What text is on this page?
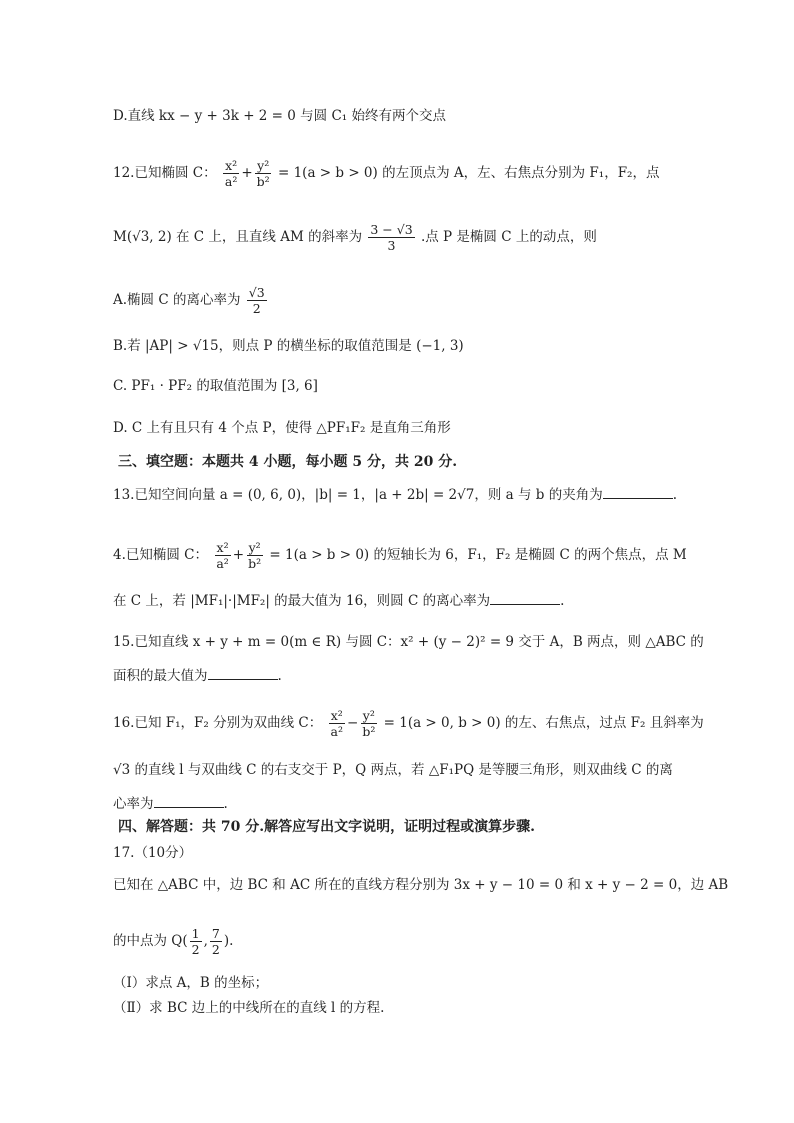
D.直线 kx − y + 3k + 2 = 0 与圆 C₁ 始终有两个交点
12.已知椭圆 C： $\frac{\text{x²}}{\text{a²}} + \frac{\text{y²}}{\text{b²}} = 1(a > b > 0)$ 的左顶点为 A，左、右焦点分别为 F₁，F₂，点
M(√3, 2) 在 C 上，且直线 AM 的斜率为 $\frac{3 - √3}{3}$ .点 P 是椭圆 C 上的动点，则
A.椭圆 C 的离心率为 $\frac{√3}{2}$
B.若 |AP| > √15，则点 P 的横坐标的取值范围是 (−1, 3)
C. PF₁ · PF₂ 的取值范围为 [3, 6]
D. C 上有且只有 4 个点 P，使得 △PF₁F₂ 是直角三角形
三、填空题：本题共 4 小题，每小题 5 分，共 20 分.
13.已知空间向量 a = (0, 6, 0)，|b| = 1，|a + 2b| = 2√7，则 a 与 b 的夹角为	.
4.已知椭圆 C： $\frac{\text{x²}}{\text{a²}} + \frac{\text{y²}}{\text{b²}} = 1(a > b > 0)$ 的短轴长为 6，F₁，F₂ 是椭圆 C 的两个焦点，点 M
在 C 上，若 |MF₁|·|MF₂| 的最大值为 16，则圆 C 的离心率为	.
15.已知直线 x + y + m = 0(m ∈ R) 与圆 C：x² + (y − 2)² = 9 交于 A，B 两点，则 △ABC 的
面积的最大值为	.
16.已知 F₁，F₂ 分别为双曲线 C： $\frac{\text{x²}}{\text{a²}} - \frac{\text{y²}}{\text{b²}} = 1(a > 0$, b > 0) 的左、右焦点，过点 F₂ 且斜率为
√3 的直线 l 与双曲线 C 的右支交于 P，Q 两点，若 △F₁PQ 是等腰三角形，则双曲线 C 的离
心率为	.
四、解答题：共 70 分.解答应写出文字说明，证明过程或演算步骤.
17.（10分）
已知在 △ABC 中，边 BC 和 AC 所在的直线方程分别为 3x + y − 10 = 0 和 x + y − 2 = 0，边 AB
的中点为 $Q( \frac{1}{2}$ , $\frac{7}{2}$ ).
（Ⅰ）求点 A，B 的坐标；
（Ⅱ）求 BC 边上的中线所在的直线 l 的方程.
